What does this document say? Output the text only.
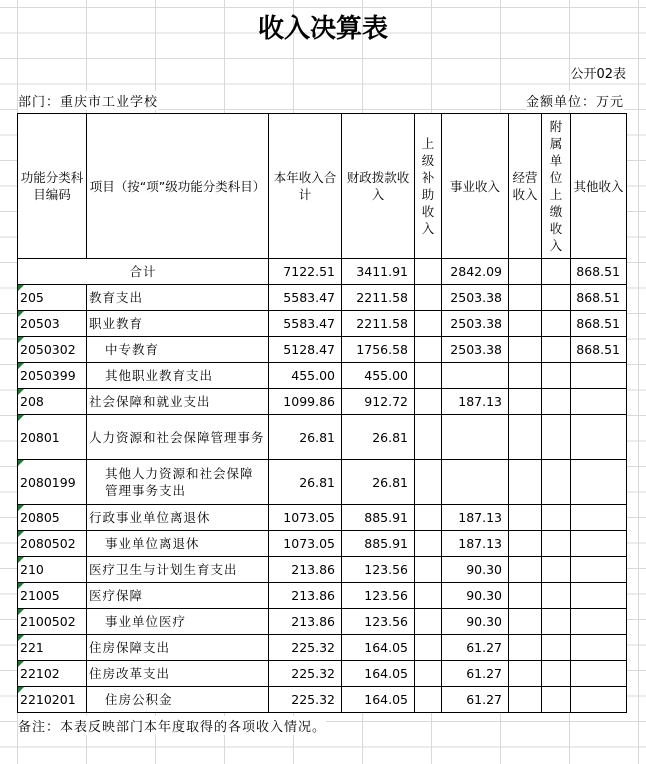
收入决算表
公开02表
部门：重庆市工业学校	金额单位：万元
功能分类科目编码	项目（按“项”级功能分类科目）	本年收入合计	财政拨款收入	上级补助收入	事业收入	经营收入	附属单位上缴收入	其他收入
合计		7122.51	3411.91		2842.09			868.51
205	教育支出	5583.47	2211.58		2503.38			868.51
20503	职业教育	5583.47	2211.58		2503.38			868.51
2050302	中专教育	5128.47	1756.58		2503.38			868.51
2050399	其他职业教育支出	455.00	455.00					
208	社会保障和就业支出	1099.86	912.72		187.13			
20801	人力资源和社会保障管理事务	26.81	26.81					
2080199	其他人力资源和社会保障管理事务支出	26.81	26.81					
20805	行政事业单位离退休	1073.05	885.91		187.13			
2080502	事业单位离退休	1073.05	885.91		187.13			
210	医疗卫生与计划生育支出	213.86	123.56		90.30			
21005	医疗保障	213.86	123.56		90.30			
2100502	事业单位医疗	213.86	123.56		90.30			
221	住房保障支出	225.32	164.05		61.27			
22102	住房改革支出	225.32	164.05		61.27			
2210201	住房公积金	225.32	164.05		61.27			
备注：本表反映部门本年度取得的各项收入情况。
